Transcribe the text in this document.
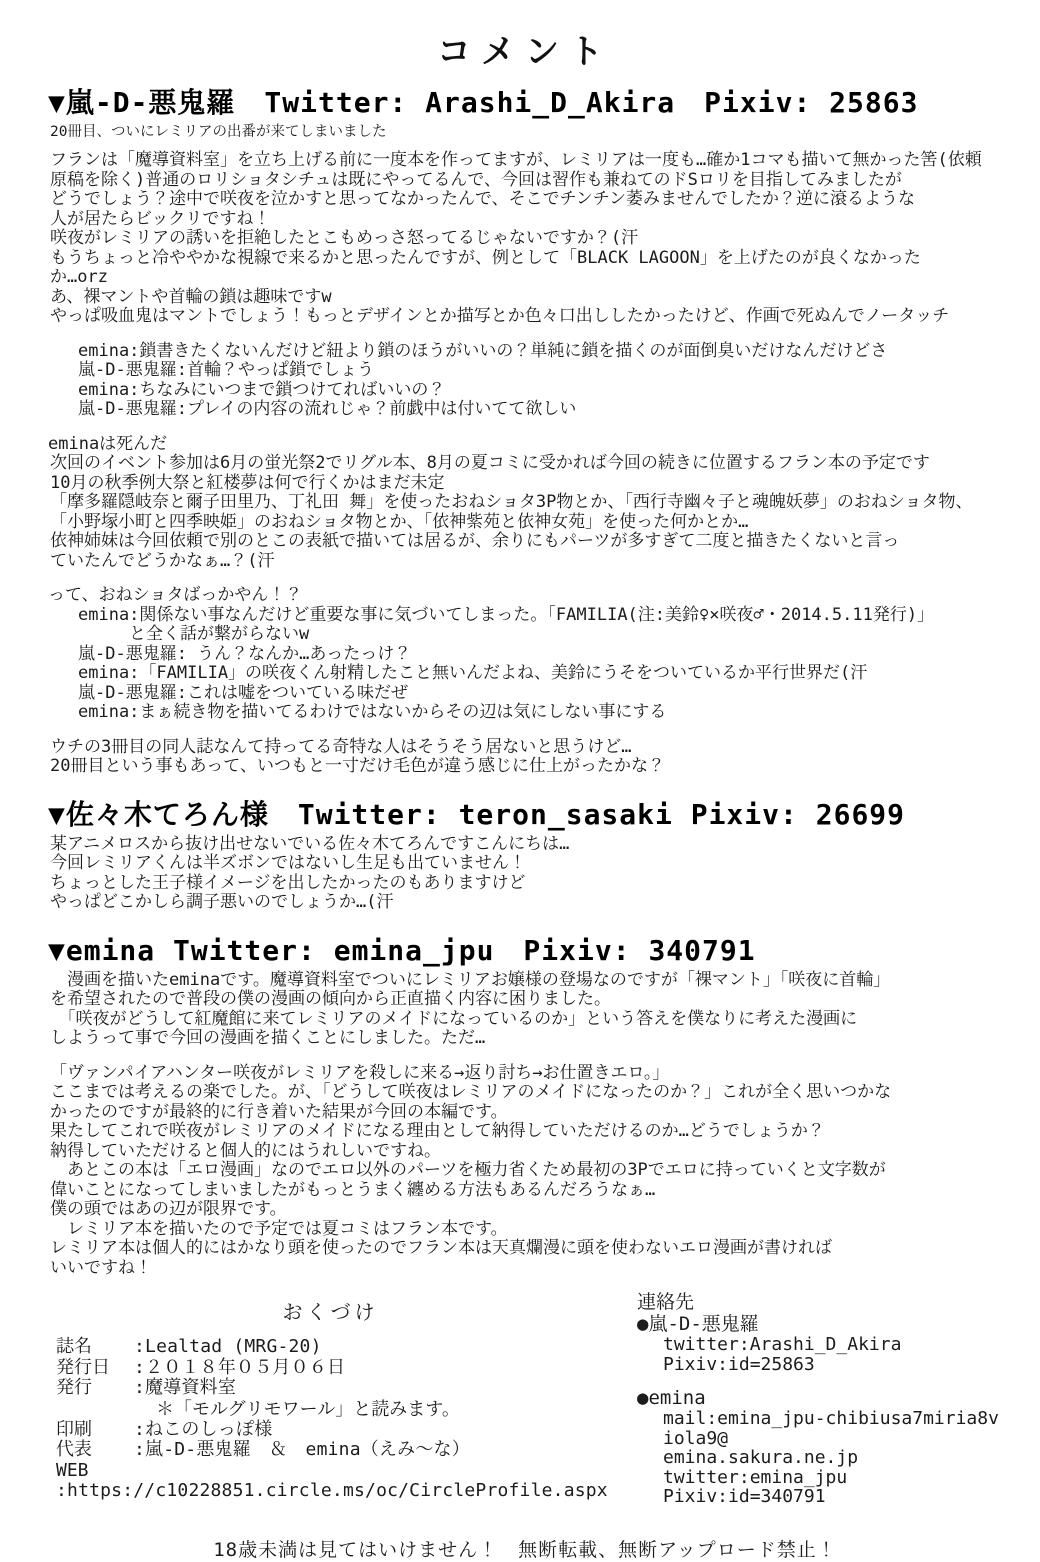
コメント
▼嵐-D-悪鬼羅　Twitter: Arashi_D_Akira　Pixiv: 25863
20冊目、ついにレミリアの出番が来てしまいました
フランは「魔導資料室」を立ち上げる前に一度本を作ってますが、レミリアは一度も…確か1コマも描いて無かった筈(依頼
原稿を除く)普通のロリショタシチュは既にやってるんで、今回は習作も兼ねてのドSロリを目指してみましたが
どうでしょう？途中で咲夜を泣かすと思ってなかったんで、そこでチンチン萎みませんでしたか？逆に滾るような
人が居たらビックリですね！
咲夜がレミリアの誘いを拒絶したとこもめっさ怒ってるじゃないですか？(汗
もうちょっと冷ややかな視線で来るかと思ったんですが、例として「BLACK LAGOON」を上げたのが良くなかった
か…orz
あ、裸マントや首輪の鎖は趣味ですw
やっぱ吸血鬼はマントでしょう！もっとデザインとか描写とか色々口出ししたかったけど、作画で死ぬんでノータッチ
emina:鎖書きたくないんだけど紐より鎖のほうがいいの？単純に鎖を描くのが面倒臭いだけなんだけどさ
嵐-D-悪鬼羅:首輪？やっぱ鎖でしょう
emina:ちなみにいつまで鎖つけてればいいの？
嵐-D-悪鬼羅:プレイの内容の流れじゃ？前戯中は付いてて欲しい
eminaは死んだ
次回のイベント参加は6月の蛍光祭2でリグル本、8月の夏コミに受かれば今回の続きに位置するフラン本の予定です
10月の秋季例大祭と紅楼夢は何で行くかはまだ未定
「摩多羅隠岐奈と爾子田里乃、丁礼田 舞」を使ったおねショタ3P物とか、「西行寺幽々子と魂魄妖夢」のおねショタ物、
「小野塚小町と四季映姫」のおねショタ物とか、「依神紫苑と依神女苑」を使った何かとか…
依神姉妹は今回依頼で別のとこの表紙で描いては居るが、余りにもパーツが多すぎて二度と描きたくないと言っ
ていたんでどうかなぁ…？(汗
って、おねショタばっかやん！？
emina:関係ない事なんだけど重要な事に気づいてしまった。「FAMILIA(注:美鈴♀×咲夜♂・2014.5.11発行)」
　　　と全く話が繋がらないw
嵐-D-悪鬼羅: うん？なんか…あったっけ？
emina:「FAMILIA」の咲夜くん射精したこと無いんだよね、美鈴にうそをついているか平行世界だ(汗
嵐-D-悪鬼羅:これは嘘をついている味だぜ
emina:まぁ続き物を描いてるわけではないからその辺は気にしない事にする
ウチの3冊目の同人誌なんて持ってる奇特な人はそうそう居ないと思うけど…
20冊目という事もあって、いつもと一寸だけ毛色が違う感じに仕上がったかな？
▼佐々木てろん様　Twitter: teron_sasaki Pixiv: 26699
某アニメロスから抜け出せないでいる佐々木てろんですこんにちは…
今回レミリアくんは半ズボンではないし生足も出ていません！
ちょっとした王子様イメージを出したかったのもありますけど
やっぱどこかしら調子悪いのでしょうか…(汗
▼emina Twitter: emina_jpu　Pixiv: 340791
　漫画を描いたeminaです。魔導資料室でついにレミリアお嬢様の登場なのですが「裸マント」「咲夜に首輪」
を希望されたので普段の僕の漫画の傾向から正直描く内容に困りました。
　「咲夜がどうして紅魔館に来てレミリアのメイドになっているのか」という答えを僕なりに考えた漫画に
しようって事で今回の漫画を描くことにしました。ただ…
「ヴァンパイアハンター咲夜がレミリアを殺しに来る→返り討ち→お仕置きエロ。」
ここまでは考えるの楽でした。が、「どうして咲夜はレミリアのメイドになったのか？」これが全く思いつかな
かったのですが最終的に行き着いた結果が今回の本編です。
果たしてこれで咲夜がレミリアのメイドになる理由として納得していただけるのか…どうでしょうか？
納得していただけると個人的にはうれしいですね。
　あとこの本は「エロ漫画」なのでエロ以外のパーツを極力省くため最初の3Pでエロに持っていくと文字数が
偉いことになってしまいましたがもっとうまく纏める方法もあるんだろうなぁ…
僕の頭ではあの辺が限界です。
　レミリア本を描いたので予定では夏コミはフラン本です。
レミリア本は個人的にはかなり頭を使ったのでフラン本は天真爛漫に頭を使わないエロ漫画が書ければ
いいですね！
おくづけ
誌名 :Lealtad (MRG-20)
発行日 :２０１８年０５月０６日
発行 :魔導資料室
＊「モルグリモワール」と読みます。
印刷 :ねこのしっぽ様
代表 :嵐-D-悪鬼羅　＆　emina（えみ～な）
WEB:https://c10228851.circle.ms/oc/CircleProfile.aspx
連絡先
●嵐-D-悪鬼羅
twitter:Arashi_D_Akira
Pixiv:id=25863
●emina
mail:emina_jpu-chibiusa7miria8viola9@
emina.sakura.ne.jp
twitter:emina_jpu
Pixiv:id=340791
18歳未満は見てはいけません！　無断転載、無断アップロード禁止！
